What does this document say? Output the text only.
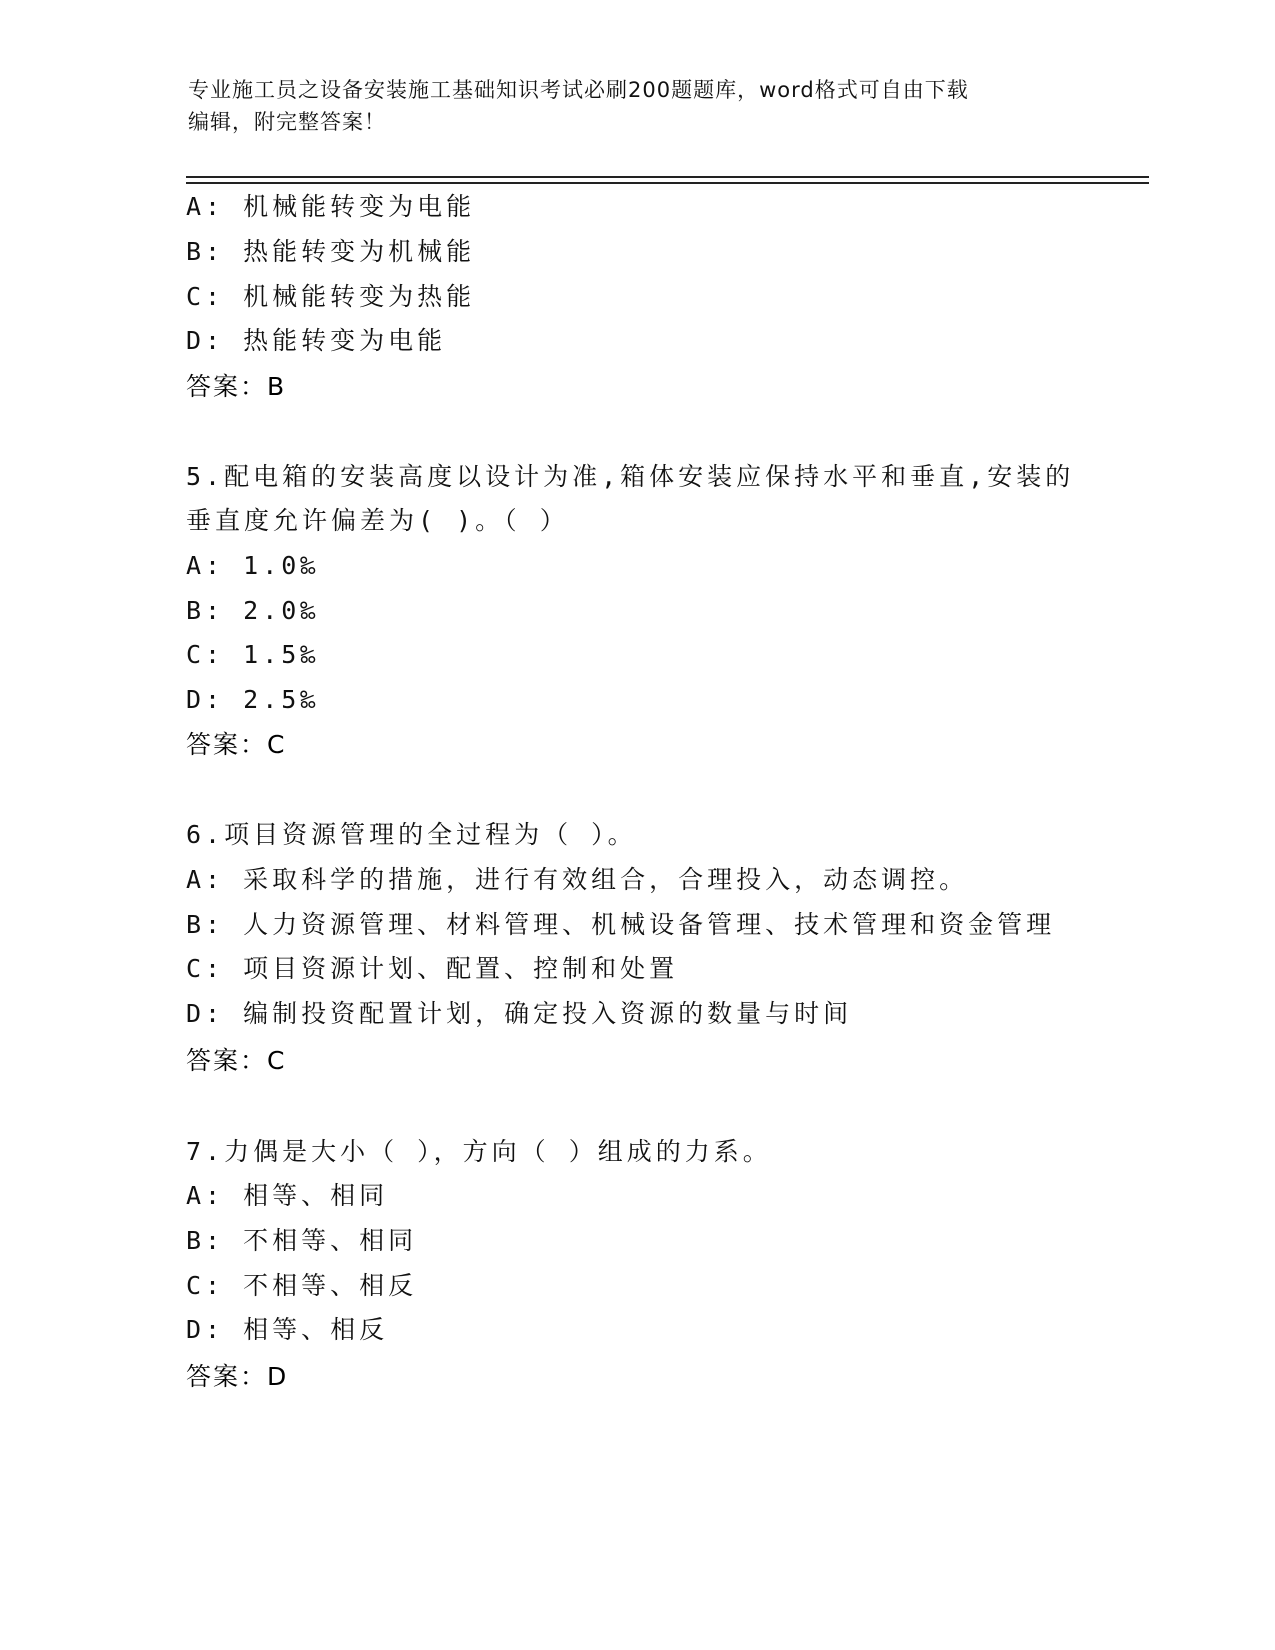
专业施工员之设备安装施工基础知识考试必刷200题题库，word格式可自由下载
编辑，附完整答案！
A: 机械能转变为电能
B: 热能转变为机械能
C: 机械能转变为热能
D: 热能转变为电能
答案：B
5.配电箱的安装高度以设计为准,箱体安装应保持水平和垂直,安装的
垂直度允许偏差为( )。（ ）
A: 1.0‰
B: 2.0‰
C: 1.5‰
D: 2.5‰
答案：C
6.项目资源管理的全过程为（ ）。
A: 采取科学的措施，进行有效组合，合理投入，动态调控。
B: 人力资源管理、材料管理、机械设备管理、技术管理和资金管理
C: 项目资源计划、配置、控制和处置
D: 编制投资配置计划，确定投入资源的数量与时间
答案：C
7.力偶是大小（ ），方向（ ）组成的力系。
A: 相等、相同
B: 不相等、相同
C: 不相等、相反
D: 相等、相反
答案：D
